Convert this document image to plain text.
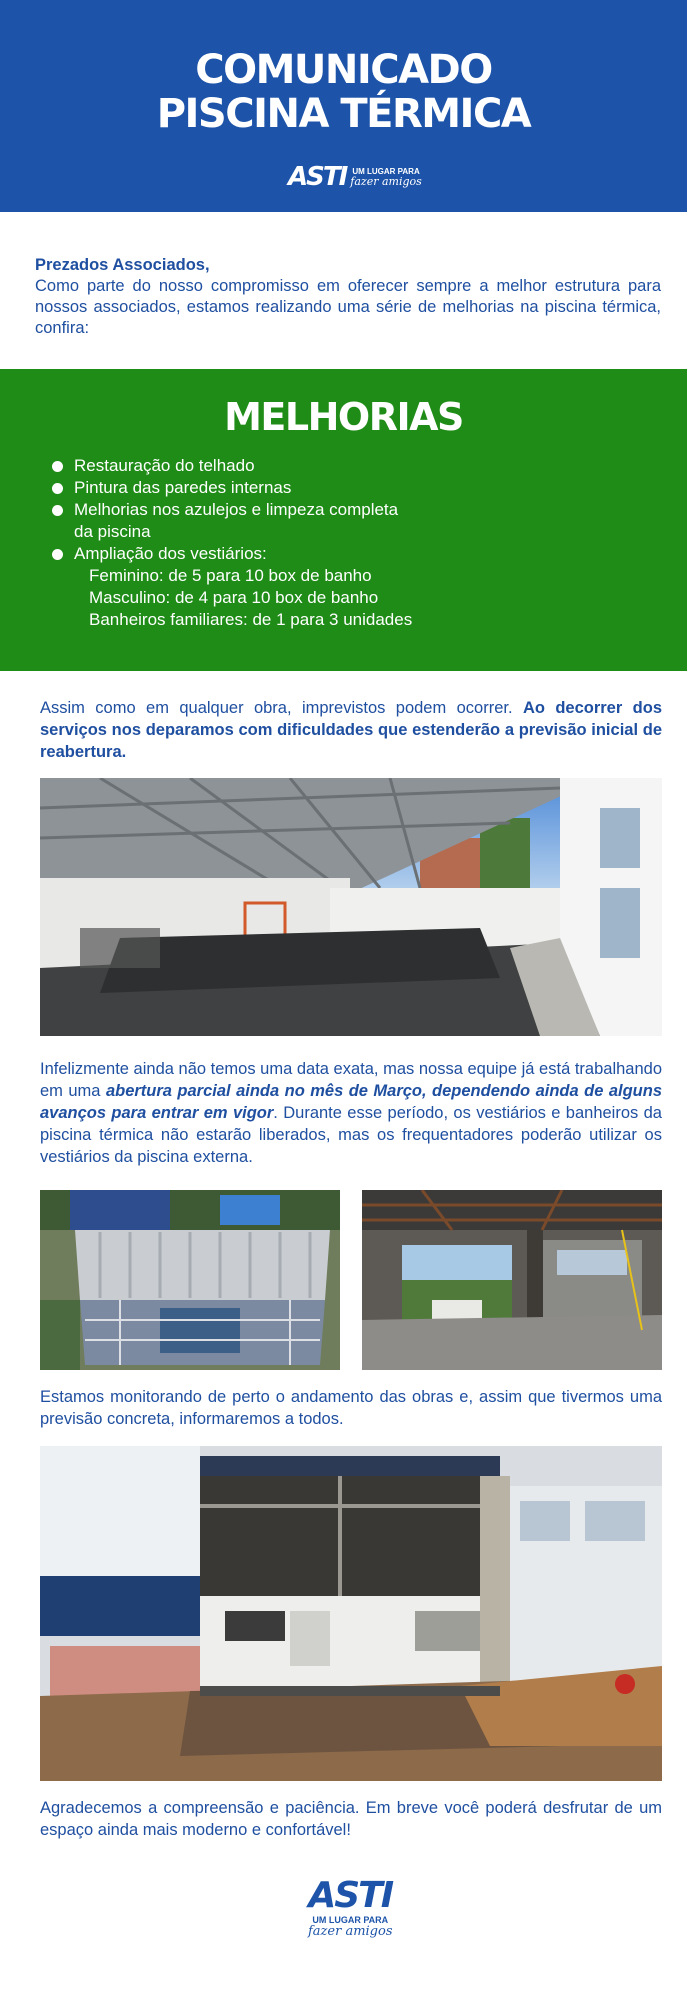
COMUNICADO
PISCINA TÉRMICA
ASTI UM LUGAR PARA
fazer amigos
Prezados Associados,
Como parte do nosso compromisso em oferecer sempre a melhor estrutura para nossos associados, estamos realizando uma série de melhorias na piscina térmica, confira:
MELHORIAS
Restauração do telhado
Pintura das paredes internas
Melhorias nos azulejos e limpeza completa
da piscina
Ampliação dos vestiários:
Feminino: de 5 para 10 box de banho
Masculino: de 4 para 10 box de banho
Banheiros familiares: de 1 para 3 unidades
Assim como em qualquer obra, imprevistos podem ocorrer. Ao decorrer dos serviços nos deparamos com dificuldades que estenderão a previsão inicial de reabertura.
Infelizmente ainda não temos uma data exata, mas nossa equipe já está trabalhando em uma abertura parcial ainda no mês de Março, dependendo ainda de alguns avanços para entrar em vigor. Durante esse período, os vestiários e banheiros da piscina térmica não estarão liberados, mas os frequentadores poderão utilizar os vestiários da piscina externa.
Estamos monitorando de perto o andamento das obras e, assim que tivermos uma previsão concreta, informaremos a todos.
Agradecemos a compreensão e paciência. Em breve você poderá desfrutar de um espaço ainda mais moderno e confortável!
ASTI
UM LUGAR PARA
fazer amigos
